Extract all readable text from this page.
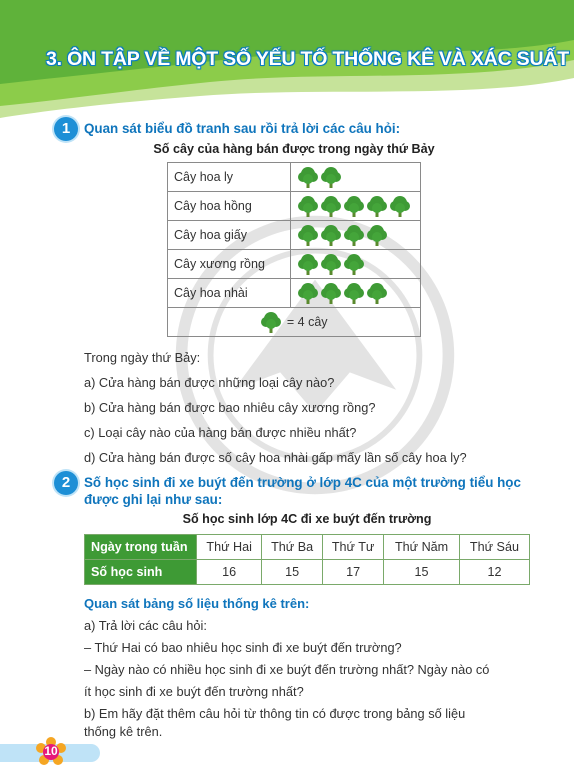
3. ÔN TẬP VỀ MỘT SỐ YẾU TỐ THỐNG KÊ VÀ XÁC SUẤT
1	Quan sát biểu đồ tranh sau rồi trả lời các câu hỏi:
Số cây của hàng bán được trong ngày thứ Bảy
Cây hoa ly	
Cây hoa hồng	
Cây hoa giấy	
Cây xương rồng	
Cây hoa nhài	
= 4 cây	
Trong ngày thứ Bảy:
a) Cửa hàng bán được những loại cây nào?
b) Cửa hàng bán được bao nhiêu cây xương rồng?
c) Loại cây nào của hàng bán được nhiều nhất?
d) Cửa hàng bán được số cây hoa nhài gấp mấy lần số cây hoa ly?
2	Số học sinh đi xe buýt đến trường ở lớp 4C của một trường tiểu học
được ghi lại như sau:
Số học sinh lớp 4C đi xe buýt đến trường
Ngày trong tuần	Thứ Hai	Thứ Ba	Thứ Tư	Thứ Năm	Thứ Sáu
Số học sinh	16	15	17	15	12
Quan sát bảng số liệu thống kê trên:
a) Trả lời các câu hỏi:
– Thứ Hai có bao nhiêu học sinh đi xe buýt đến trường?
– Ngày nào có nhiều học sinh đi xe buýt đến trường nhất? Ngày nào có
ít học sinh đi xe buýt đến trường nhất?
b) Em hãy đặt thêm câu hỏi từ thông tin có được trong bảng số liệu
thống kê trên.
10
